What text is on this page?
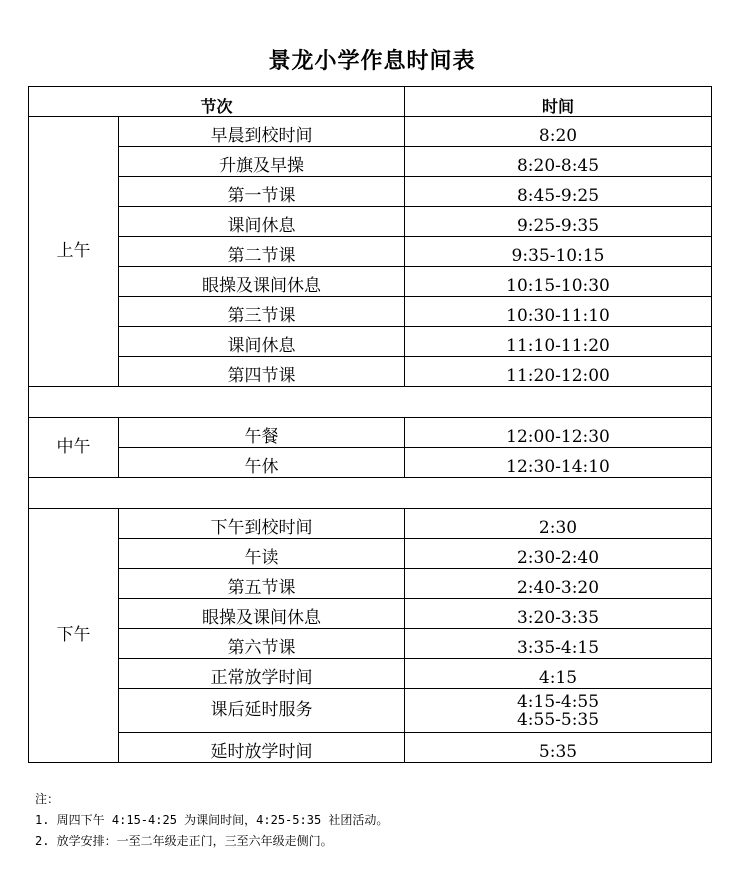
景龙小学作息时间表
节次		时间
上午	早晨到校时间	8:20
	升旗及早操	8:20-8:45
	第一节课	8:45-9:25
	课间休息	9:25-9:35
	第二节课	9:35-10:15
	眼操及课间休息	10:15-10:30
	第三节课	10:30-11:10
	课间休息	11:10-11:20
	第四节课	11:20-12:00

中午	午餐	12:00-12:30
	午休	12:30-14:10

下午	下午到校时间	2:30
	午读	2:30-2:40
	第五节课	2:40-3:20
	眼操及课间休息	3:20-3:35
	第六节课	3:35-4:15
	正常放学时间	4:15
	课后延时服务	4:15-4:55
4:55-5:35

	延时放学时间	5:35
注：
1. 周四下午 4:15-4:25 为课间时间，4:25-5:35 社团活动。
2. 放学安排：一至二年级走正门，三至六年级走侧门。
